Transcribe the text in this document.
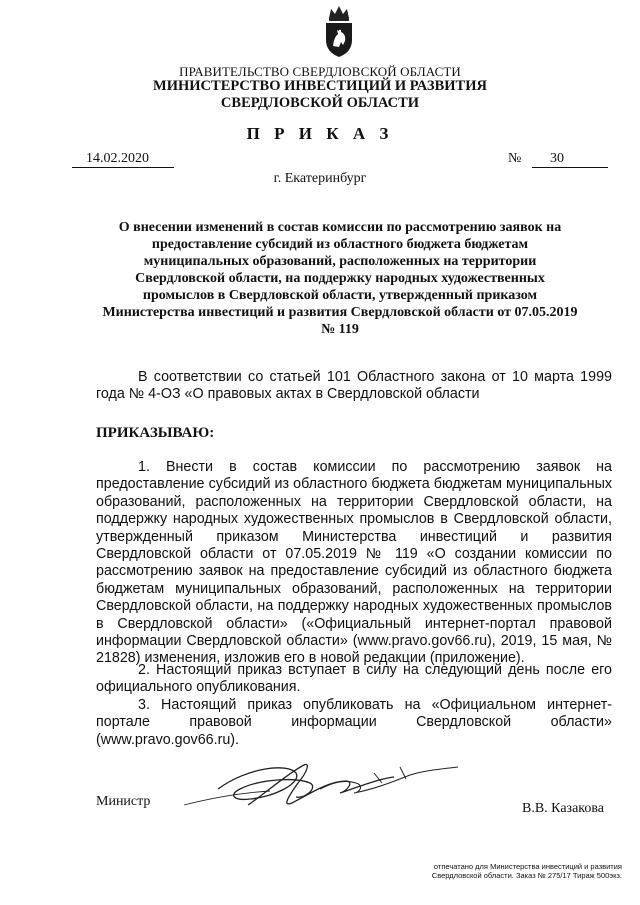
ПРАВИТЕЛЬСТВО СВЕРДЛОВСКОЙ ОБЛАСТИ
МИНИСТЕРСТВО ИНВЕСТИЦИЙ И РАЗВИТИЯ
СВЕРДЛОВСКОЙ ОБЛАСТИ
П Р И К А З
14.02.2020	№ 30
г. Екатеринбург
О внесении изменений в состав комиссии по рассмотрению заявок на предоставление субсидий из областного бюджета бюджетам муниципальных образований, расположенных на территории Свердловской области, на поддержку народных художественных промыслов в Свердловской области, утвержденный приказом Министерства инвестиций и развития Свердловской области от 07.05.2019 № 119
В соответствии со статьей 101 Областного закона от 10 марта 1999 года № 4-ОЗ «О правовых актах в Свердловской области
ПРИКАЗЫВАЮ:
1. Внести в состав комиссии по рассмотрению заявок на предоставление субсидий из областного бюджета бюджетам муниципальных образований, расположенных на территории Свердловской области, на поддержку народных художественных промыслов в Свердловской области, утвержденный приказом Министерства инвестиций и развития Свердловской области от 07.05.2019 № 119 «О создании комиссии по рассмотрению заявок на предоставление субсидий из областного бюджета бюджетам муниципальных образований, расположенных на территории Свердловской области, на поддержку народных художественных промыслов в Свердловской области» («Официальный интернет-портал правовой информации Свердловской области» (www.pravo.gov66.ru), 2019, 15 мая, № 21828) изменения, изложив его в новой редакции (приложение).
2. Настоящий приказ вступает в силу на следующий день после его официального опубликования.
3. Настоящий приказ опубликовать на «Официальном интернет-портале правовой информации Свердловской области» (www.pravo.gov66.ru).
Министр	В.В. Казакова
отпечатано для Министерства инвестиций и развития
Свердловской области. Заказ № 275/17 Тираж 500экз.
